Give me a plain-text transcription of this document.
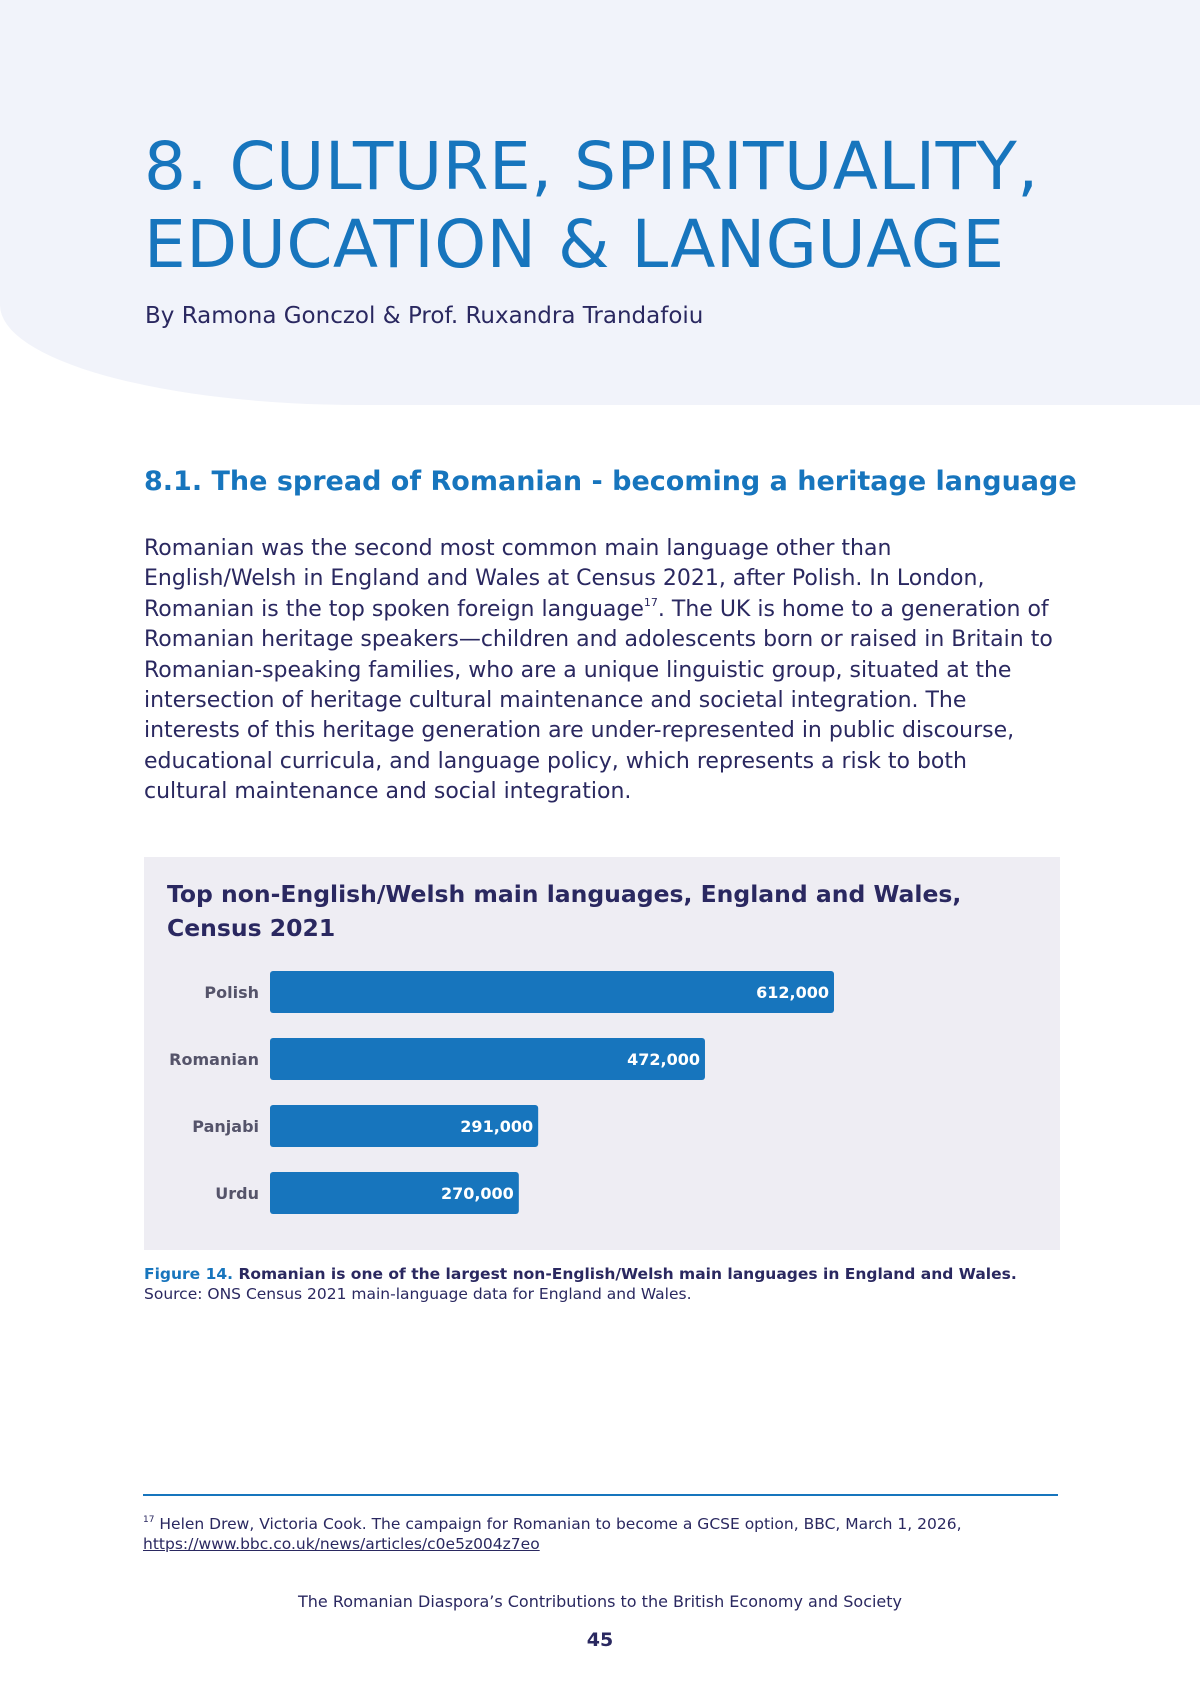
8. CULTURE, SPIRITUALITY,
EDUCATION & LANGUAGE
By Ramona Gonczol & Prof. Ruxandra Trandafoiu
8.1. The spread of Romanian - becoming a heritage language
Romanian was the second most common main language other than
English/Welsh in England and Wales at Census 2021, after Polish. In London,
Romanian is the top spoken foreign language$^{17}$. The UK is home to a generation of
Romanian heritage speakers—children and adolescents born or raised in Britain to
Romanian-speaking families, who are a unique linguistic group, situated at the
intersection of heritage cultural maintenance and societal integration. The
interests of this heritage generation are under-represented in public discourse,
educational curricula, and language policy, which represents a risk to both
cultural maintenance and social integration.
Top non-English/Welsh main languages, England and Wales,
Census 2021
Polish	612,000
Romanian	472,000
Panjabi	291,000
Urdu	270,000
Figure 14. Romanian is one of the largest non-English/Welsh main languages in England and Wales.
Source: ONS Census 2021 main-language data for England and Wales.
$^{17}$ Helen Drew, Victoria Cook. The campaign for Romanian to become a GCSE option, BBC, March 1, 2026,
https://www.bbc.co.uk/news/articles/c0e5z004z7eo
The Romanian Diaspora’s Contributions to the British Economy and Society
45
